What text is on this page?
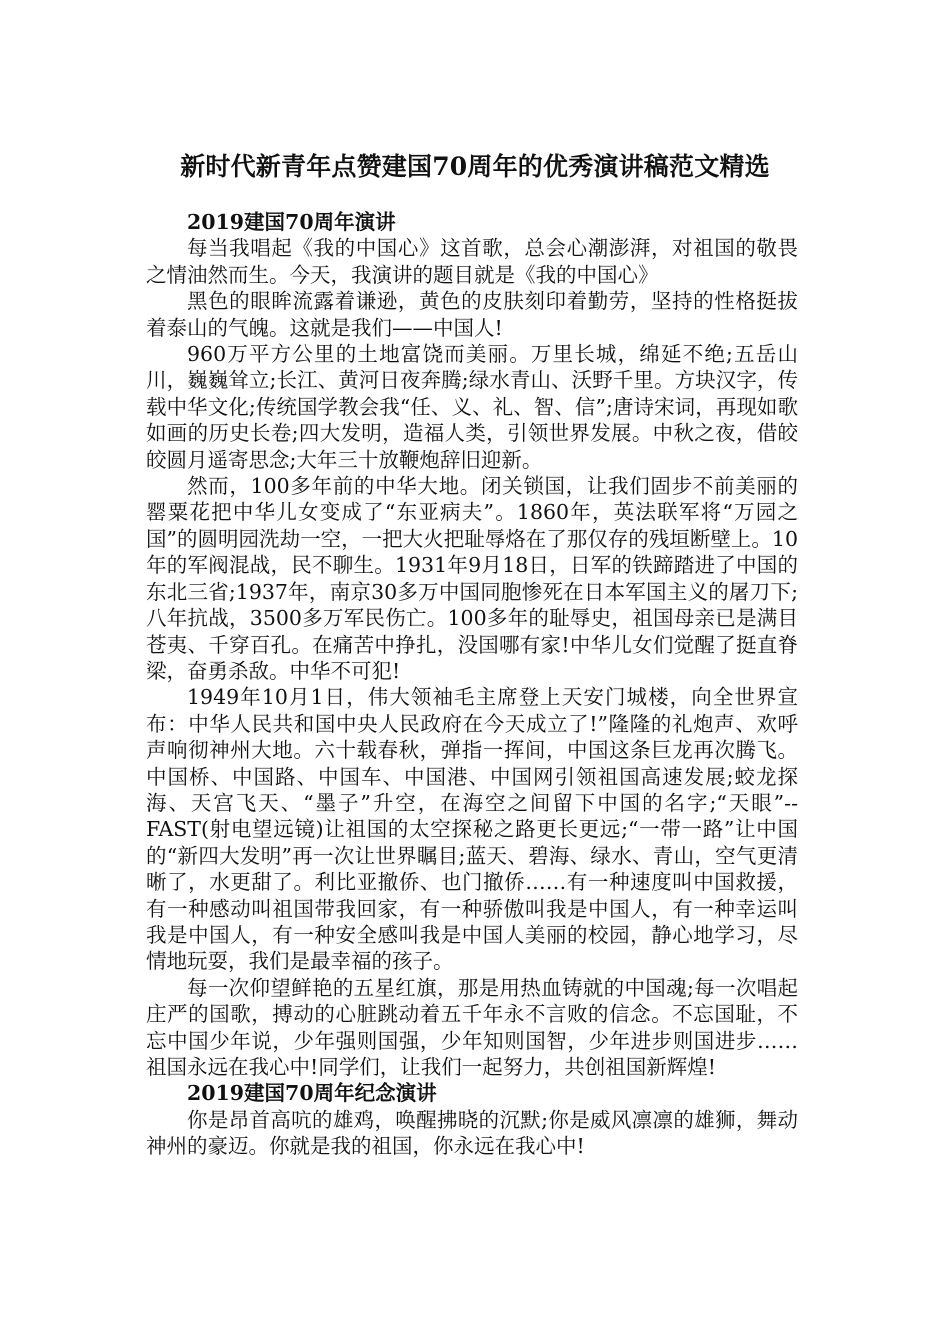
新时代新青年点赞建国70周年的优秀演讲稿范文精选
2019建国70周年演讲

每当我唱起《我的中国心》这首歌，总会心潮澎湃，对祖国的敬畏之情油然而生。今天，我演讲的题目就是《我的中国心》

黑色的眼眸流露着谦逊，黄色的皮肤刻印着勤劳，坚持的性格挺拔着泰山的气魄。这就是我们——中国人!

960万平方公里的土地富饶而美丽。万里长城，绵延不绝;五岳山川，巍巍耸立;长江、黄河日夜奔腾;绿水青山、沃野千里。方块汉字，传载中华文化;传统国学教会我“任、义、礼、智、信”;唐诗宋词，再现如歌如画的历史长卷;四大发明，造福人类，引领世界发展。中秋之夜，借皎皎圆月遥寄思念;大年三十放鞭炮辞旧迎新。

然而，100多年前的中华大地。闭关锁国，让我们固步不前美丽的罂粟花把中华儿女变成了“东亚病夫”。1860年，英法联军将“万园之国”的圆明园洗劫一空，一把大火把耻辱烙在了那仅存的残垣断壁上。10年的军阀混战，民不聊生。1931年9月18日，日军的铁蹄踏进了中国的东北三省;1937年，南京30多万中国同胞惨死在日本军国主义的屠刀下;八年抗战，3500多万军民伤亡。100多年的耻辱史，祖国母亲已是满目苍夷、千穿百孔。在痛苦中挣扎，没国哪有家!中华儿女们觉醒了挺直脊梁，奋勇杀敌。中华不可犯!

1949年10月1日，伟大领袖毛主席登上天安门城楼，向全世界宣布：中华人民共和国中央人民政府在今天成立了!”隆隆的礼炮声、欢呼声响彻神州大地。六十载春秋，弹指一挥间，中国这条巨龙再次腾飞。中国桥、中国路、中国车、中国港、中国网引领祖国高速发展;蛟龙探海、天宫飞天、“墨子”升空，在海空之间留下中国的名字;“天眼”--FAST(射电望远镜)让祖国的太空探秘之路更长更远;“一带一路”让中国的“新四大发明”再一次让世界瞩目;蓝天、碧海、绿水、青山，空气更清晰了，水更甜了。利比亚撤侨、也门撤侨……有一种速度叫中国救援，有一种感动叫祖国带我回家，有一种骄傲叫我是中国人，有一种幸运叫我是中国人，有一种安全感叫我是中国人美丽的校园，静心地学习，尽情地玩耍，我们是最幸福的孩子。

每一次仰望鲜艳的五星红旗，那是用热血铸就的中国魂;每一次唱起庄严的国歌，搏动的心脏跳动着五千年永不言败的信念。不忘国耻，不忘中国少年说，少年强则国强，少年知则国智，少年进步则国进步……祖国永远在我心中!同学们，让我们一起努力，共创祖国新辉煌!

2019建国70周年纪念演讲

你是昂首高吭的雄鸡，唤醒拂晓的沉默;你是威风凛凛的雄狮，舞动神州的豪迈。你就是我的祖国，你永远在我心中!
